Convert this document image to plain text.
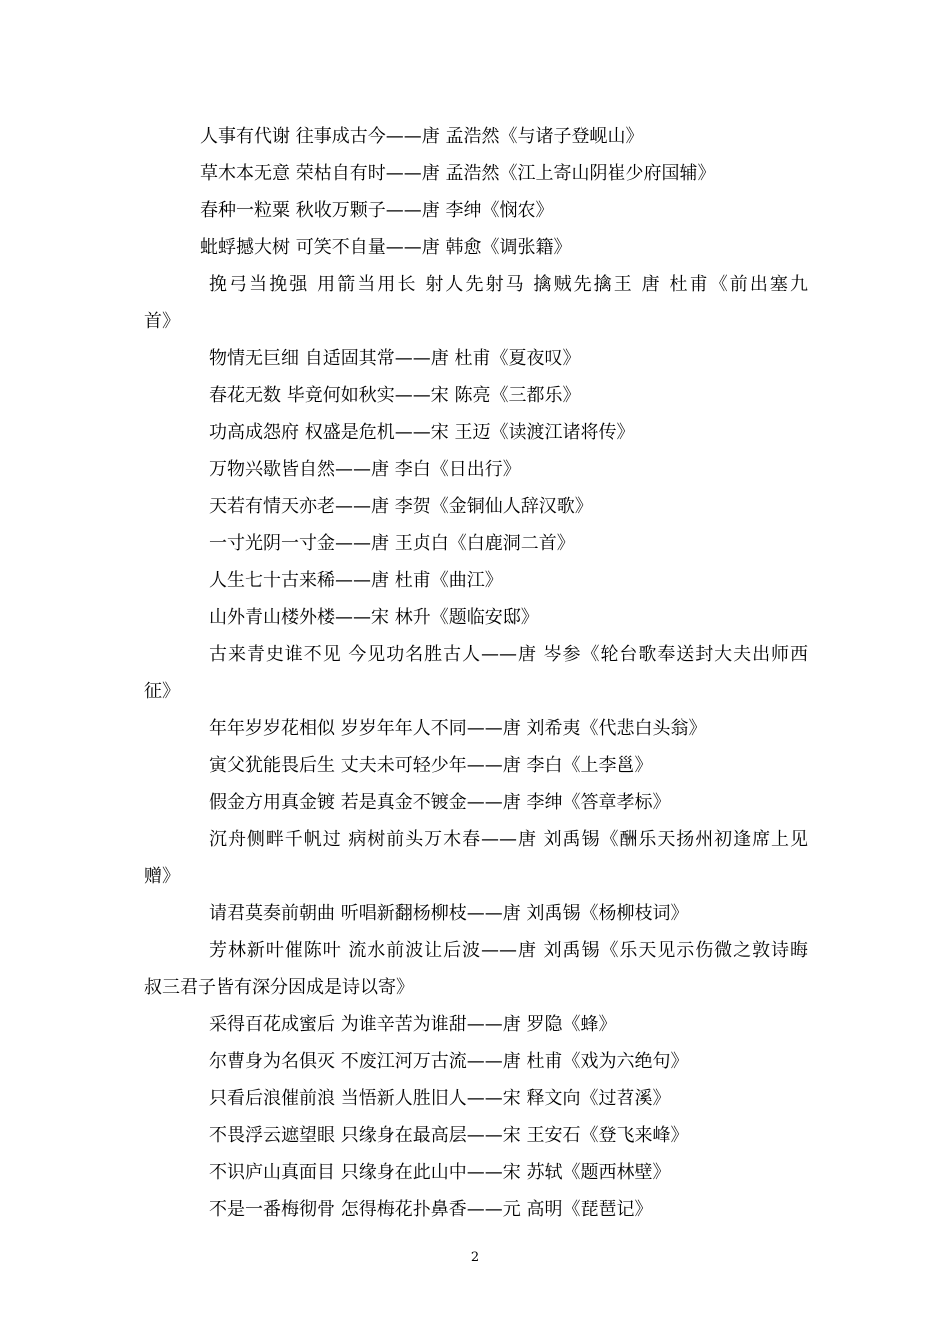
人事有代谢 往事成古今——唐 孟浩然《与诸子登岘山》
草木本无意 荣枯自有时——唐 孟浩然《江上寄山阴崔少府国辅》
春种一粒粟 秋收万颗子——唐 李绅《悯农》
蚍蜉撼大树 可笑不自量——唐 韩愈《调张籍》
挽弓当挽强 用箭当用长 射人先射马 擒贼先擒王 唐 杜甫《前出塞九
首》
物情无巨细 自适固其常——唐 杜甫《夏夜叹》
春花无数 毕竟何如秋实——宋 陈亮《三都乐》
功高成怨府 权盛是危机——宋 王迈《读渡江诸将传》
万物兴歇皆自然——唐 李白《日出行》
天若有情天亦老——唐 李贺《金铜仙人辞汉歌》
一寸光阴一寸金——唐 王贞白《白鹿洞二首》
人生七十古来稀——唐 杜甫《曲江》
山外青山楼外楼——宋 林升《题临安邸》
古来青史谁不见 今见功名胜古人——唐 岑参《轮台歌奉送封大夫出师西
征》
年年岁岁花相似 岁岁年年人不同——唐 刘希夷《代悲白头翁》
寅父犹能畏后生 丈夫未可轻少年——唐 李白《上李邕》
假金方用真金镀 若是真金不镀金——唐 李绅《答章孝标》
沉舟侧畔千帆过 病树前头万木春——唐 刘禹锡《酬乐天扬州初逢席上见
赠》
请君莫奏前朝曲 听唱新翻杨柳枝——唐 刘禹锡《杨柳枝词》
芳林新叶催陈叶 流水前波让后波——唐 刘禹锡《乐天见示伤微之敦诗晦
叔三君子皆有深分因成是诗以寄》
采得百花成蜜后 为谁辛苦为谁甜——唐 罗隐《蜂》
尔曹身为名俱灭 不废江河万古流——唐 杜甫《戏为六绝句》
只看后浪催前浪 当悟新人胜旧人——宋 释文向《过苕溪》
不畏浮云遮望眼 只缘身在最高层——宋 王安石《登飞来峰》
不识庐山真面目 只缘身在此山中——宋 苏轼《题西林壁》
不是一番梅彻骨 怎得梅花扑鼻香——元 高明《琵琶记》
2
